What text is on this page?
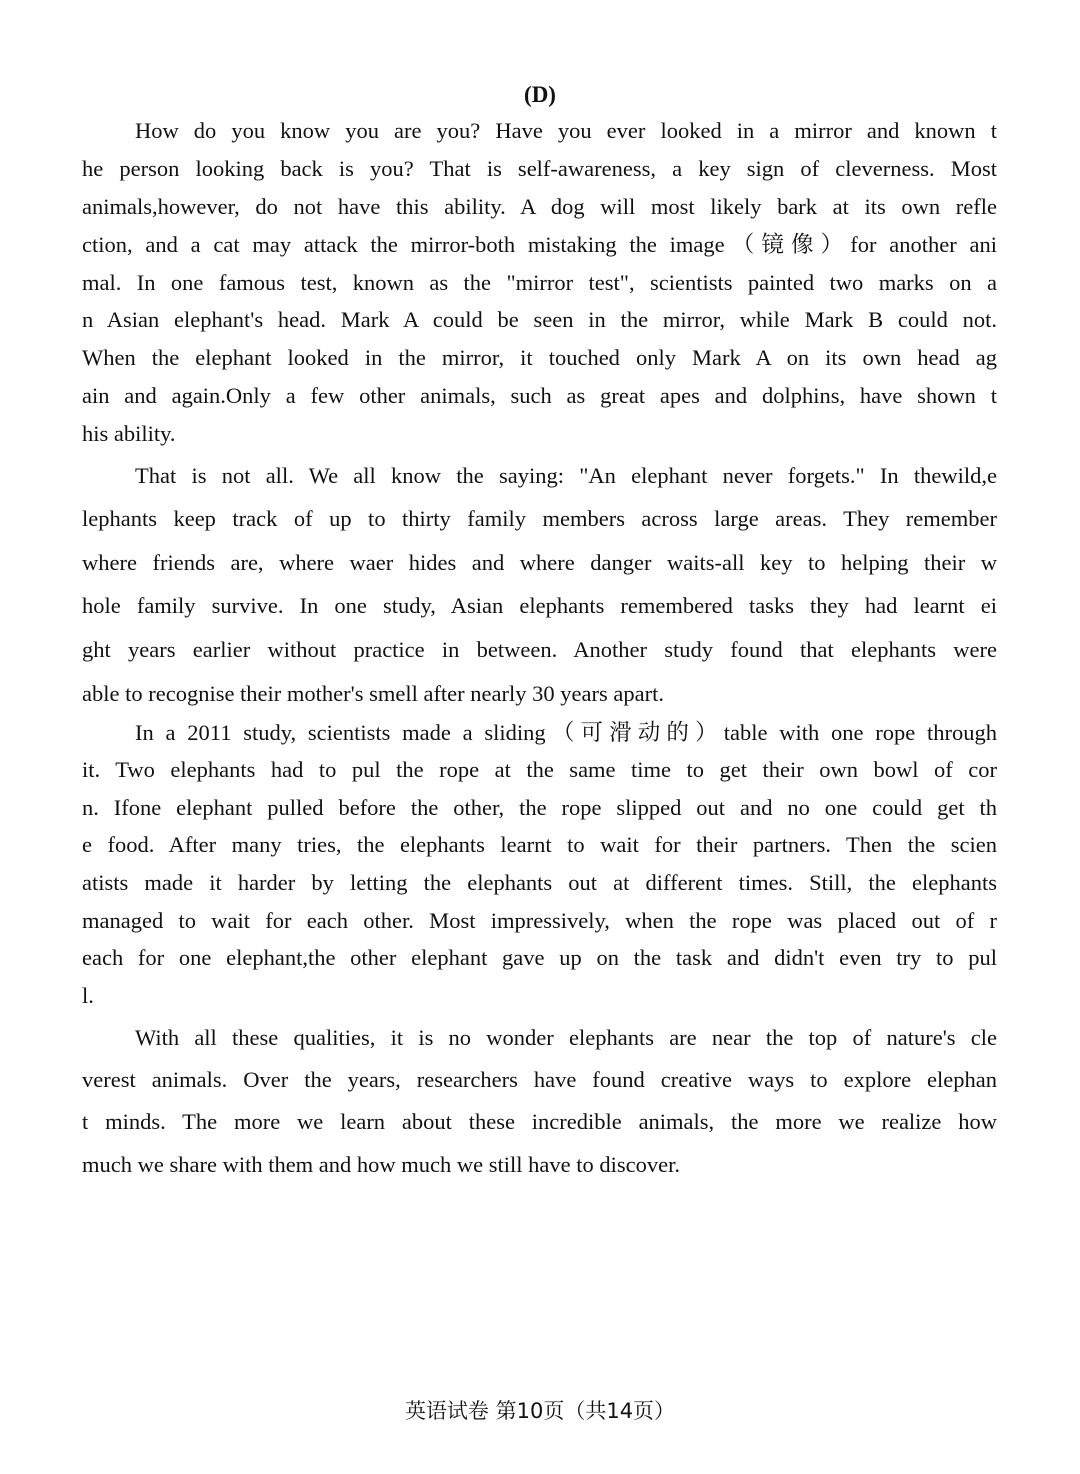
(D)
How do you know you are you? Have you ever looked in a mirror and known t
he person looking back is you? That is self-awareness, a key sign of cleverness. Most
animals,however, do not have this ability. A dog will most likely bark at its own refle
ction, and a cat may attack the mirror-both mistaking the image（镜像）for another ani
mal. In one famous test, known as the "mirror test", scientists painted two marks on a
n Asian elephant's head. Mark A could be seen in the mirror, while Mark B could not.
When the elephant looked in the mirror, it touched only Mark A on its own head ag
ain and again.Only a few other animals, such as great apes and dolphins, have shown t
his ability.
That is not all. We all know the saying: "An elephant never forgets." In thewild,e
lephants keep track of up to thirty family members across large areas. They remember
where friends are, where waer hides and where danger waits-all key to helping their w
hole family survive. In one study, Asian elephants remembered tasks they had learnt ei
ght years earlier without practice in between. Another study found that elephants were
able to recognise their mother's smell after nearly 30 years apart.
In a 2011 study, scientists made a sliding（可滑动的）table with one rope through
it. Two elephants had to pul the rope at the same time to get their own bowl of cor
n. Ifone elephant pulled before the other, the rope slipped out and no one could get th
e food. After many tries, the elephants learnt to wait for their partners. Then the scien
atists made it harder by letting the elephants out at different times. Still, the elephants
managed to wait for each other. Most impressively, when the rope was placed out of r
each for one elephant,the other elephant gave up on the task and didn't even try to pul
l.
With all these qualities, it is no wonder elephants are near the top of nature's cle
verest animals. Over the years, researchers have found creative ways to explore elephan
t minds. The more we learn about these incredible animals, the more we realize how
much we share with them and how much we still have to discover.
英语试卷 第10页（共14页）
